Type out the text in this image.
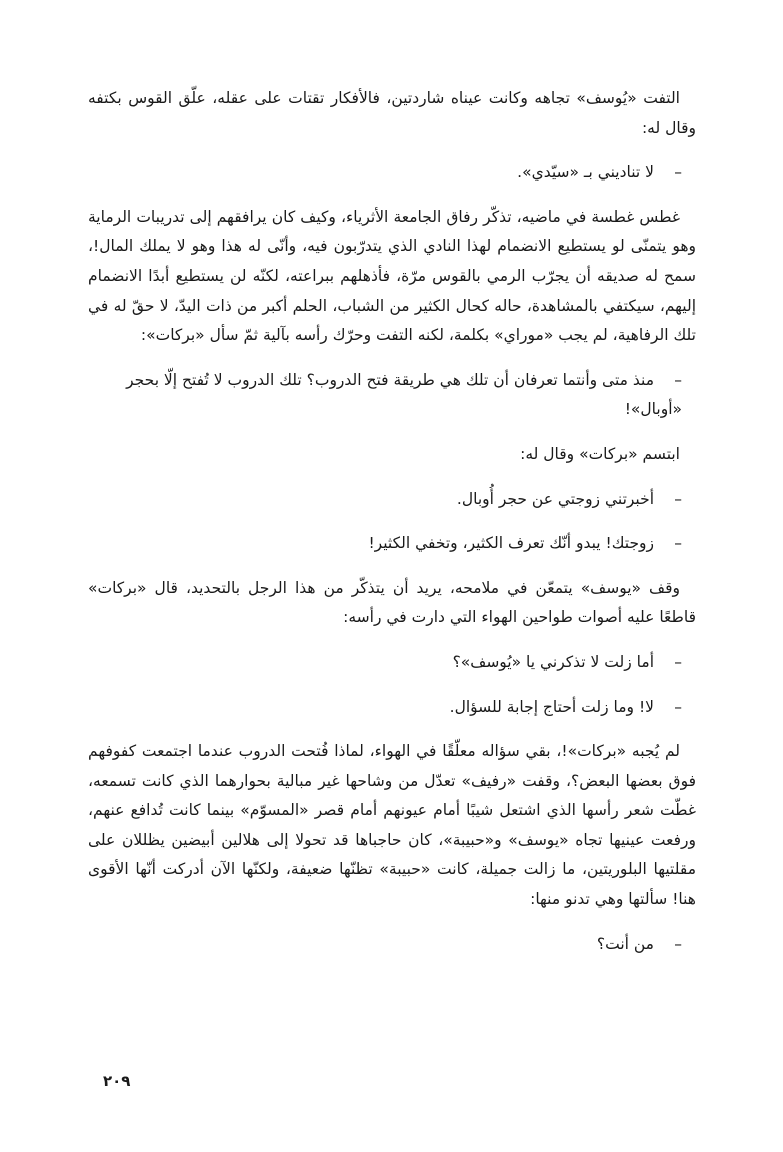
التفت «يُوسف» تجاهه وكانت عيناه شاردتين، فالأفكار تقتات على عقله، علّق القوس بكتفه وقال له:

–لا تناديني بـ «سيّدي».

غطس غطسة في ماضيه، تذكّر رفاق الجامعة الأثرياء، وكيف كان يرافقهم إلى تدريبات الرماية وهو يتمنّى لو يستطيع الانضمام لهذا النادي الذي يتدرّبون فيه، وأنّى له هذا وهو لا يملك المال!، سمح له صديقه أن يجرّب الرمي بالقوس مرّة، فأذهلهم ببراعته، لكنّه لن يستطيع أبدًا الانضمام إليهم، سيكتفي بالمشاهدة، حاله كحال الكثير من الشباب، الحلم أكبر من ذات اليدّ، لا حقّ له في تلك الرفاهية، لم يجب «موراي» بكلمة، لكنه التفت وحرّك رأسه بآلية ثمّ سأل «بركات»:

–منذ متى وأنتما تعرفان أن تلك هي طريقة فتح الدروب؟ تلك الدروب لا تُفتح إلّا بحجر «أوبال»!

ابتسم «بركات» وقال له:

–أخبرتني زوجتي عن حجر أُوبال.

–زوجتك! يبدو أنّك تعرف الكثير، وتخفي الكثير!

وقف «يوسف» يتمعّن في ملامحه، يريد أن يتذكّر من هذا الرجل بالتحديد، قال «بركات» قاطعًا عليه أصوات طواحين الهواء التي دارت في رأسه:

–أما زلت لا تذكرني يا «يُوسف»؟

–لا! وما زلت أحتاج إجابة للسؤال.

لم يُجبه «بركات»!، بقي سؤاله معلّقًا في الهواء، لماذا فُتحت الدروب عندما اجتمعت كفوفهم فوق بعضها البعض؟، وقفت «رفيف» تعدّل من وشاحها غير مبالية بحوارهما الذي كانت تسمعه، غطّت شعر رأسها الذي اشتعل شيبًا أمام عيونهم أمام قصر «المسوّم» بينما كانت تُدافع عنهم، ورفعت عينيها تجاه «يوسف» و«حبيبة»، كان حاجباها قد تحولا إلى هلالين أبيضين يظللان على مقلتيها البلوريتين، ما زالت جميلة، كانت «حبيبة» تظنّها ضعيفة، ولكنّها الآن أدركت أنّها الأقوى هنا! سألتها وهي تدنو منها:

–من أنت؟

٢٠٩
